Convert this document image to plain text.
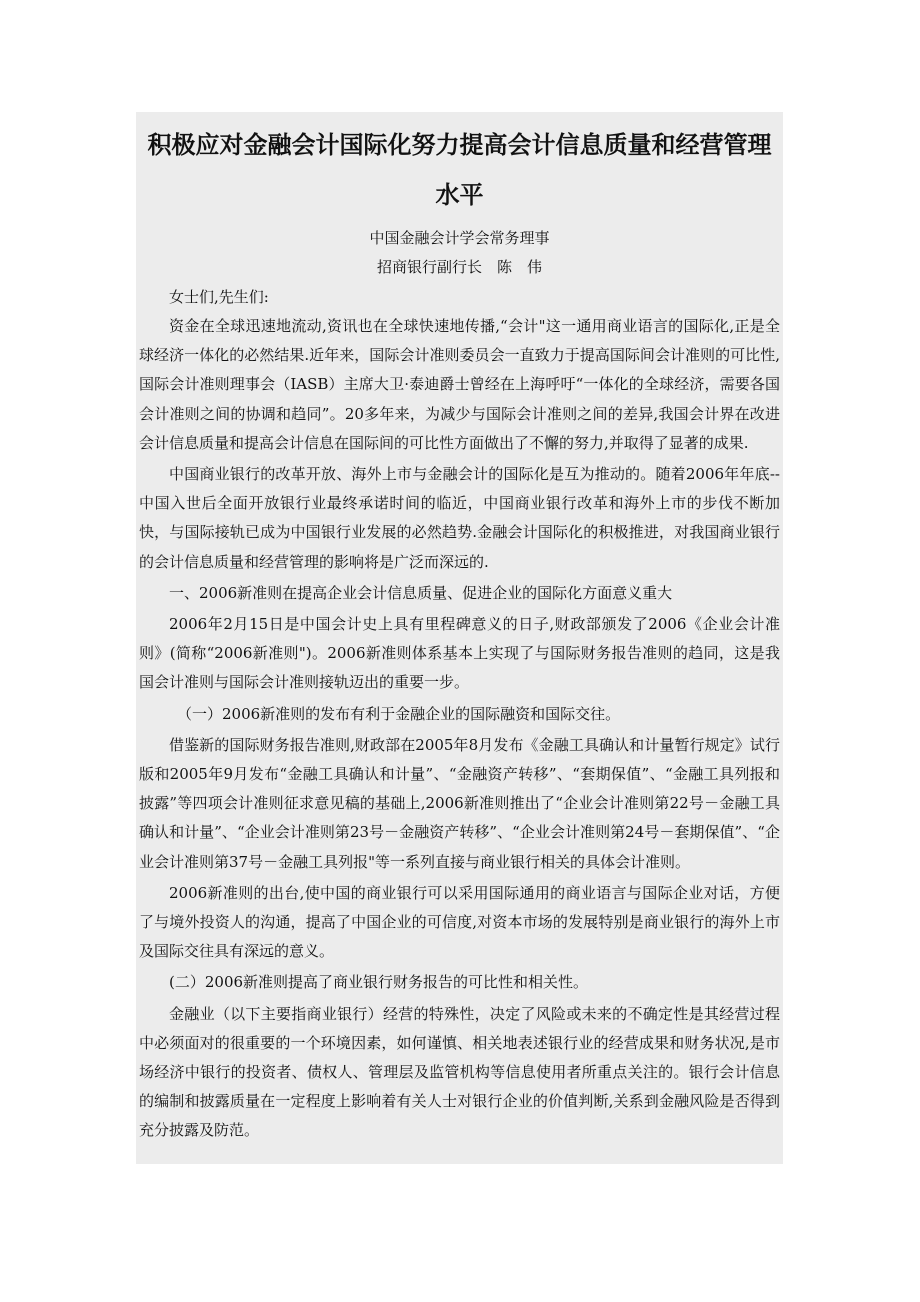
积极应对金融会计国际化努力提高会计信息质量和经营管理水平
中国金融会计学会常务理事
招商银行副行长　陈　伟
女士们,先生们:

资金在全球迅速地流动,资讯也在全球快速地传播,“会计"这一通用商业语言的国际化,正是全球经济一体化的必然结果.近年来，国际会计准则委员会一直致力于提高国际间会计准则的可比性,国际会计准则理事会（IASB）主席大卫·泰迪爵士曾经在上海呼吁“一体化的全球经济，需要各国会计准则之间的协调和趋同”。20多年来，为减少与国际会计准则之间的差异,我国会计界在改进会计信息质量和提高会计信息在国际间的可比性方面做出了不懈的努力,并取得了显著的成果.

中国商业银行的改革开放、海外上市与金融会计的国际化是互为推动的。随着2006年年底--中国入世后全面开放银行业最终承诺时间的临近，中国商业银行改革和海外上市的步伐不断加快，与国际接轨已成为中国银行业发展的必然趋势.金融会计国际化的积极推进，对我国商业银行的会计信息质量和经营管理的影响将是广泛而深远的.

一、2006新准则在提高企业会计信息质量、促进企业的国际化方面意义重大

2006年2月15日是中国会计史上具有里程碑意义的日子,财政部颁发了2006《企业会计准则》(简称“2006新准则")。2006新准则体系基本上实现了与国际财务报告准则的趋同，这是我国会计准则与国际会计准则接轨迈出的重要一步。

（一）2006新准则的发布有利于金融企业的国际融资和国际交往。

借鉴新的国际财务报告准则,财政部在2005年8月发布《金融工具确认和计量暂行规定》试行版和2005年9月发布“金融工具确认和计量”、“金融资产转移”、“套期保值”、“金融工具列报和披露”等四项会计准则征求意见稿的基础上,2006新准则推出了“企业会计准则第22号－金融工具确认和计量”、“企业会计准则第23号－金融资产转移”、“企业会计准则第24号－套期保值”、“企业会计准则第37号－金融工具列报"等一系列直接与商业银行相关的具体会计准则。

2006新准则的出台,使中国的商业银行可以采用国际通用的商业语言与国际企业对话，方便了与境外投资人的沟通，提高了中国企业的可信度,对资本市场的发展特别是商业银行的海外上市及国际交往具有深远的意义。

(二）2006新准则提高了商业银行财务报告的可比性和相关性。

金融业（以下主要指商业银行）经营的特殊性，决定了风险或未来的不确定性是其经营过程中必须面对的很重要的一个环境因素，如何谨慎、相关地表述银行业的经营成果和财务状况,是市场经济中银行的投资者、债权人、管理层及监管机构等信息使用者所重点关注的。银行会计信息的编制和披露质量在一定程度上影响着有关人士对银行企业的价值判断,关系到金融风险是否得到充分披露及防范。
